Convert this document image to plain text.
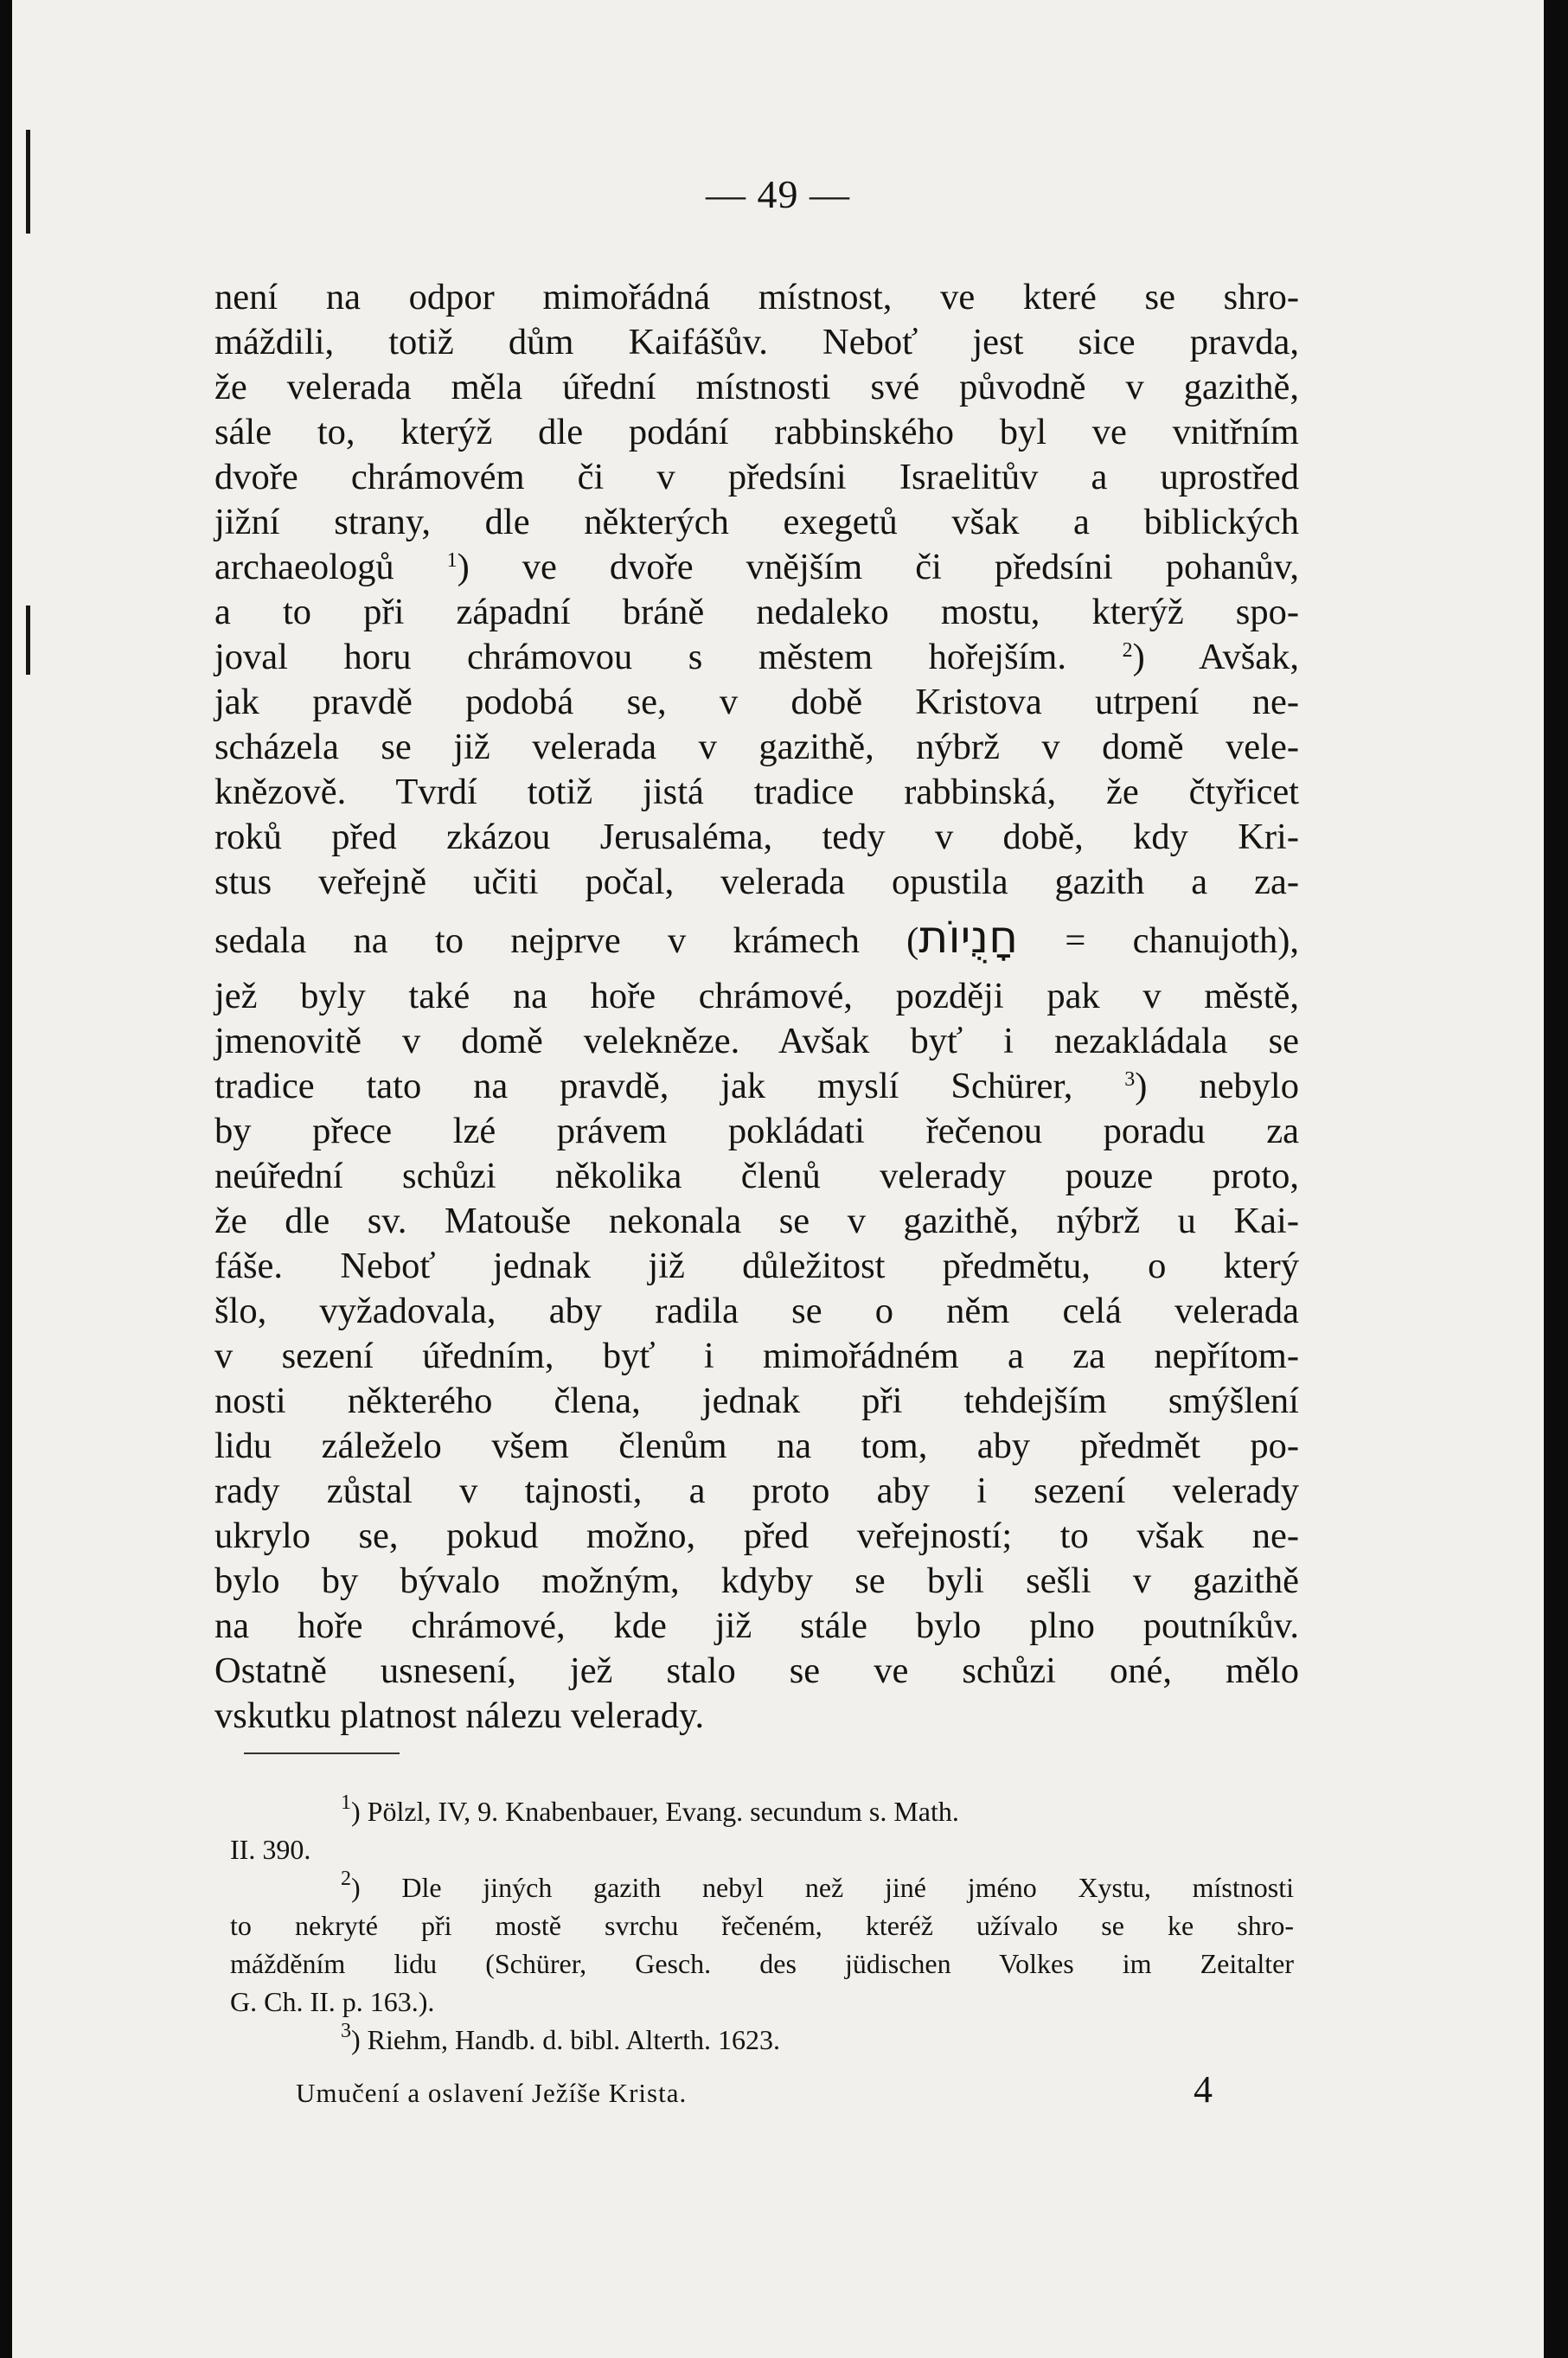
— 49 —
není na odpor mimořádná místnost, ve které se shro-
máždili, totiž dům Kaifášův. Neboť jest sice pravda,
že velerada měla úřední místnosti své původně v gazithě,
sále to, kterýž dle podání rabbinského byl ve vnitřním
dvoře chrámovém či v předsíni Israelitův a uprostřed
jižní strany, dle některých exegetů však a biblických
archaeologů	$^1$) ve dvoře vnějším či předsíni pohanův,
a to při západní bráně nedaleko mostu, kterýž spo-
joval horu chrámovou s městem hořejším.	$^2$) Avšak,
jak pravdě podobá se, v době Kristova utrpení ne-
scházela se již velerada v gazithě, nýbrž v domě vele-
knězově. Tvrdí totiž jistá tradice rabbinská, že čtyřicet
roků před zkázou Jerusaléma, tedy v době, kdy Kri-
stus veřejně učiti počal, velerada opustila gazith a za-
sedala na to nejprve v krámech (חָנֻיוֹת = chanujoth),
jež byly také na hoře chrámové, později pak v městě,
jmenovitě v domě velekněze. Avšak byť i nezakládala se
tradice tato na pravdě, jak myslí Schürer, $^3$) nebylo
by přece lzé právem pokládati řečenou poradu za
neúřední schůzi několika členů velerady pouze proto,
že dle sv. Matouše nekonala se v gazithě, nýbrž u Kai-
fáše. Neboť jednak již důležitost předmětu, o který
šlo, vyžadovala, aby radila se o něm celá velerada
v sezení úředním, byť i mimořádném a za nepřítom-
nosti některého člena, jednak při tehdejším smýšlení
lidu záleželo všem členům na tom, aby předmět po-
rady zůstal v tajnosti, a proto aby i sezení velerady
ukrylo se, pokud možno, před veřejností; to však ne-
bylo by bývalo možným, kdyby se byli sešli v gazithě
na hoře chrámové, kde již stále bylo plno poutníkův.
Ostatně usnesení, jež stalo se ve schůzi oné, mělo
vskutku platnost nálezu velerady.
$^1$) Pölzl, IV, 9. Knabenbauer, Evang. secundum s. Math.
II. 390.
$^2$) Dle jiných gazith nebyl než jiné jméno Xystu, místnosti
to nekryté při mostě svrchu řečeném, kteréž užívalo se ke shro-
mážděním lidu (Schürer, Gesch. des jüdischen Volkes im Zeitalter
G. Ch. II. p. 163.).
$^3$) Riehm, Handb. d. bibl. Alterth. 1623.
Umučení a oslavení Ježíše Krista.	4
